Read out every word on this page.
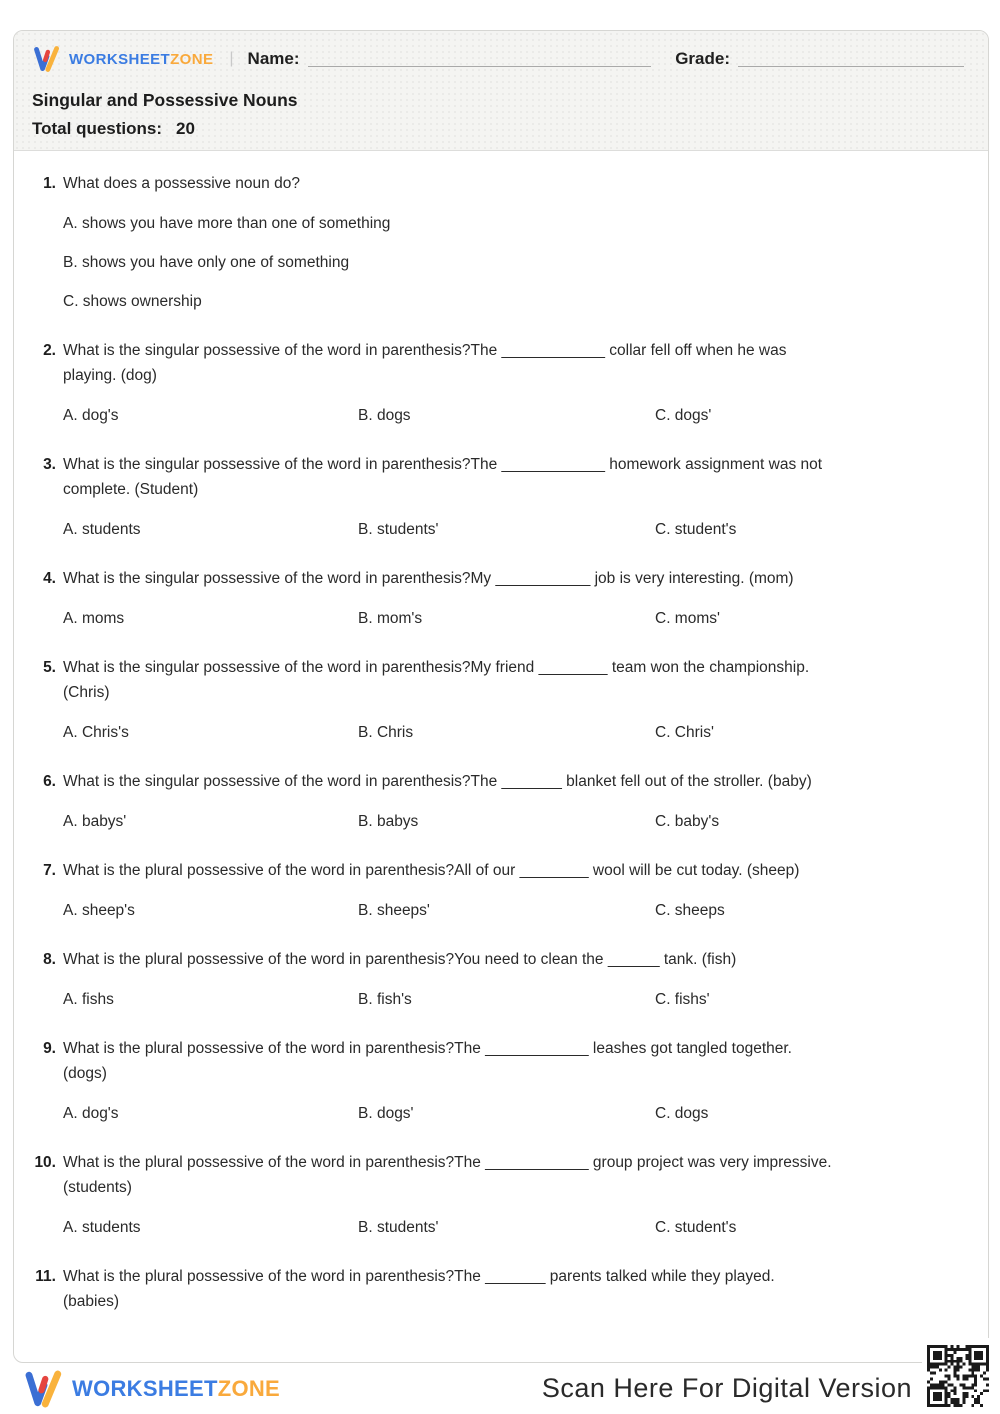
WORKSHEETZONE | Name:	Grade:
Singular and Possessive Nouns
Total questions: 20
1. What does a possessive noun do?
A. shows you have more than one of something
B. shows you have only one of something
C. shows ownership
2. What is the singular possessive of the word in parenthesis?The ____________ collar fell off when he was
playing. (dog)
A. dog's	B. dogs	C. dogs'
3. What is the singular possessive of the word in parenthesis?The ____________ homework assignment was not
complete. (Student)
A. students	B. students'	C. student's
4. What is the singular possessive of the word in parenthesis?My ___________ job is very interesting. (mom)
A. moms	B. mom's	C. moms'
5. What is the singular possessive of the word in parenthesis?My friend ________ team won the championship.
(Chris)
A. Chris's	B. Chris	C. Chris'
6. What is the singular possessive of the word in parenthesis?The _______ blanket fell out of the stroller. (baby)
A. babys'	B. babys	C. baby's
7. What is the plural possessive of the word in parenthesis?All of our ________ wool will be cut today. (sheep)
A. sheep's	B. sheeps'	C. sheeps
8. What is the plural possessive of the word in parenthesis?You need to clean the ______ tank. (fish)
A. fishs	B. fish's	C. fishs'
9. What is the plural possessive of the word in parenthesis?The ____________ leashes got tangled together.
(dogs)
A. dog's	B. dogs'	C. dogs
10. What is the plural possessive of the word in parenthesis?The ____________ group project was very impressive.
(students)
A. students	B. students'	C. student's
11. What is the plural possessive of the word in parenthesis?The _______ parents talked while they played.
(babies)
WORKSHEETZONE	Scan Here For Digital Version
